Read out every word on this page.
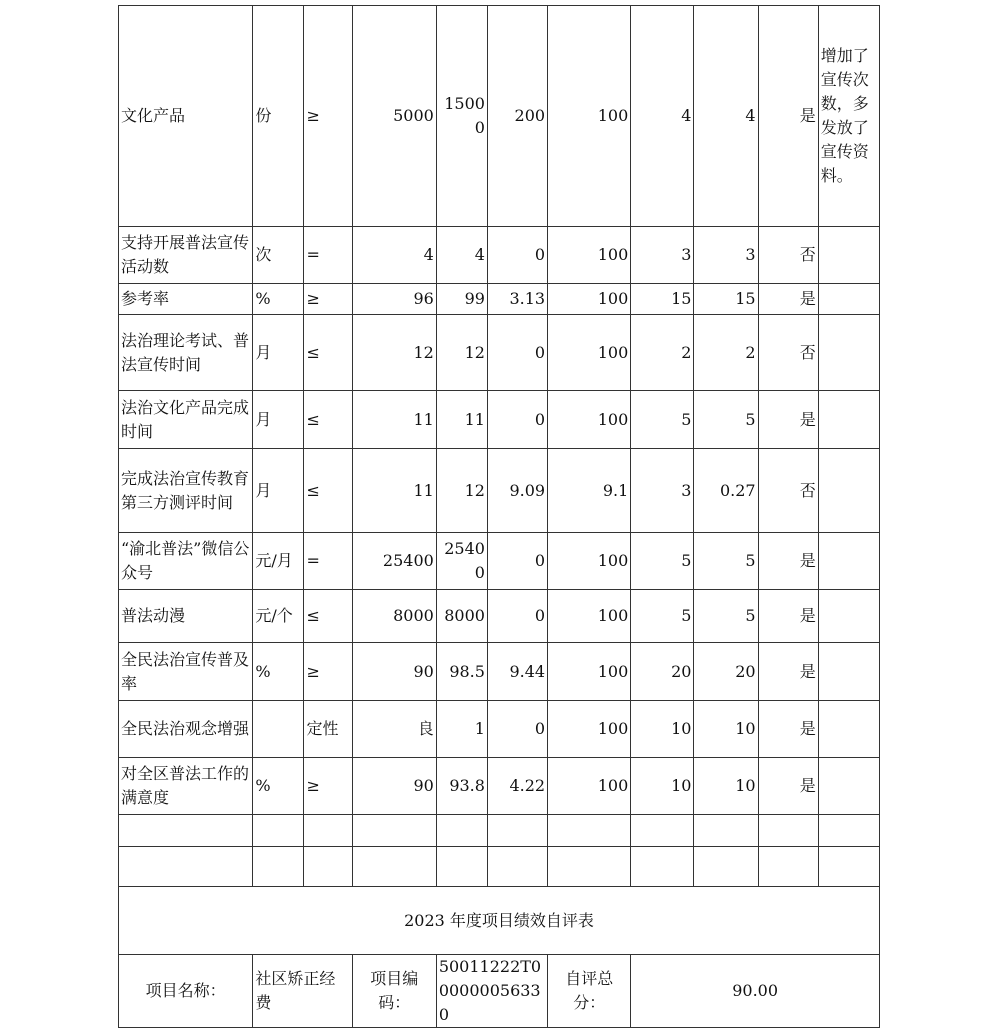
文化产品	份	≥	5000	15000	200	100	4	4	是	增加了宣传次数，多发放了宣传资料。
支持开展普法宣传活动数	次	=	4	4	0	100	3	3	否	
参考率	%	≥	96	99	3.13	100	15	15	是	
法治理论考试、普法宣传时间	月	≤	12	12	0	100	2	2	否	
法治文化产品完成时间	月	≤	11	11	0	100	5	5	是	
完成法治宣传教育第三方测评时间	月	≤	11	12	9.09	9.1	3	0.27	否	
“渝北普法”微信公众号	元/月	=	25400	25400	0	100	5	5	是	
普法动漫	元/个	≤	8000	8000	0	100	5	5	是	
全民法治宣传普及率	%	≥	90	98.5	9.44	100	20	20	是	
全民法治观念增强		定性	良	1	0	100	10	10	是	
对全区普法工作的满意度	%	≥	90	93.8	4.22	100	10	10	是	

2023 年度项目绩效自评表										
项目名称：	社区矫正经费		项目编码：	50011222T000000056330		自评总分：	90.00			
